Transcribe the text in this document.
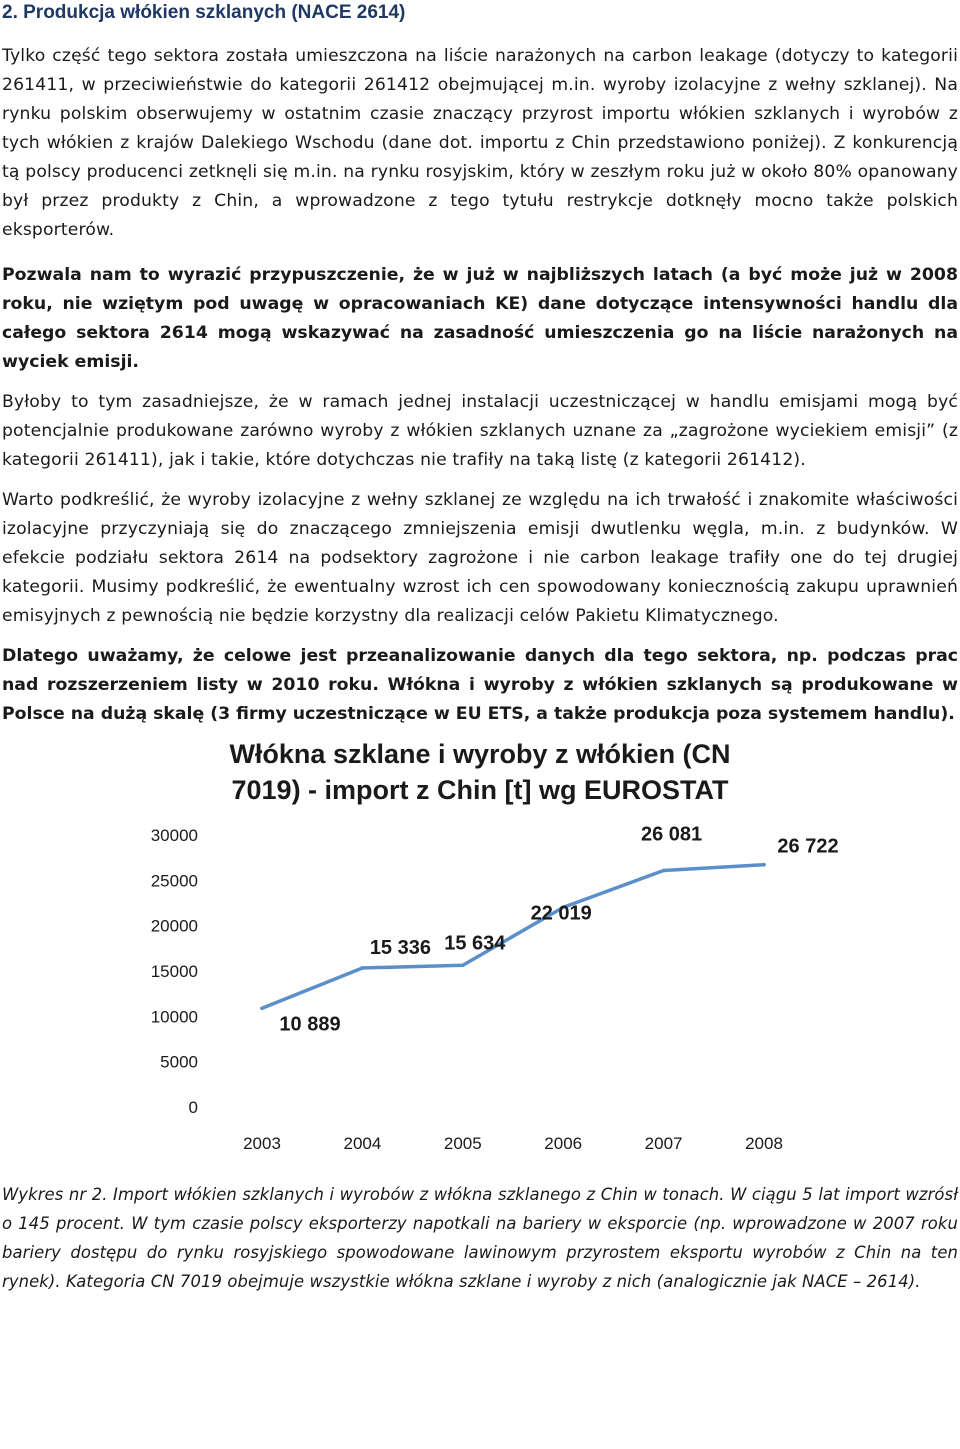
2. Produkcja włókien szklanych (NACE 2614)

Tylko część tego sektora została umieszczona na liście narażonych na carbon leakage (dotyczy to kategorii 261411, w przeciwieństwie do kategorii 261412 obejmującej m.in. wyroby izolacyjne z wełny szklanej). Na rynku polskim obserwujemy w ostatnim czasie znaczący przyrost importu włókien szklanych i wyrobów z tych włókien z krajów Dalekiego Wschodu (dane dot. importu z Chin przedstawiono poniżej). Z konkurencją tą polscy producenci zetknęli się m.in. na rynku rosyjskim, który w zeszłym roku już w około 80% opanowany był przez produkty z Chin, a wprowadzone z tego tytułu restrykcje dotknęły mocno także polskich eksporterów.

Pozwala nam to wyrazić przypuszczenie, że w już w najbliższych latach (a być może już w 2008 roku, nie wziętym pod uwagę w opracowaniach KE) dane dotyczące intensywności handlu dla całego sektora 2614 mogą wskazywać na zasadność umieszczenia go na liście narażonych na wyciek emisji.

Byłoby to tym zasadniejsze, że w ramach jednej instalacji uczestniczącej w handlu emisjami mogą być potencjalnie produkowane zarówno wyroby z włókien szklanych uznane za „zagrożone wyciekiem emisji” (z kategorii 261411), jak i takie, które dotychczas nie trafiły na taką listę (z kategorii 261412).

Warto podkreślić, że wyroby izolacyjne z wełny szklanej ze względu na ich trwałość i znakomite właściwości izolacyjne przyczyniają się do znaczącego zmniejszenia emisji dwutlenku węgla, m.in. z budynków. W efekcie podziału sektora 2614 na podsektory zagrożone i nie carbon leakage trafiły one do tej drugiej kategorii. Musimy podkreślić, że ewentualny wzrost ich cen spowodowany koniecznością zakupu uprawnień emisyjnych z pewnością nie będzie korzystny dla realizacji celów Pakietu Klimatycznego.

Dlatego uważamy, że celowe jest przeanalizowanie danych dla tego sektora, np. podczas prac nad rozszerzeniem listy w 2010 roku. Włókna i wyroby z włókien szklanych są produkowane w Polsce na dużą skalę (3 firmy uczestniczące w EU ETS, a także produkcja poza systemem handlu).

Włókna szklane i wyroby z włókien (CN
7019) - import z Chin [t] wg EUROSTAT
0
5000
10000
15000
20000
25000
30000
2003	2004	2005	2006	2007	2008
10 889
15 336 15 634
22 019
26 081
26 722

Wykres nr 2. Import włókien szklanych i wyrobów z włókna szklanego z Chin w tonach. W ciągu 5 lat import wzrósł o 145 procent. W tym czasie polscy eksporterzy napotkali na bariery w eksporcie (np. wprowadzone w 2007 roku bariery dostępu do rynku rosyjskiego spowodowane lawinowym przyrostem eksportu wyrobów z Chin na ten rynek). Kategoria CN 7019 obejmuje wszystkie włókna szklane i wyroby z nich (analogicznie jak NACE – 2614).
